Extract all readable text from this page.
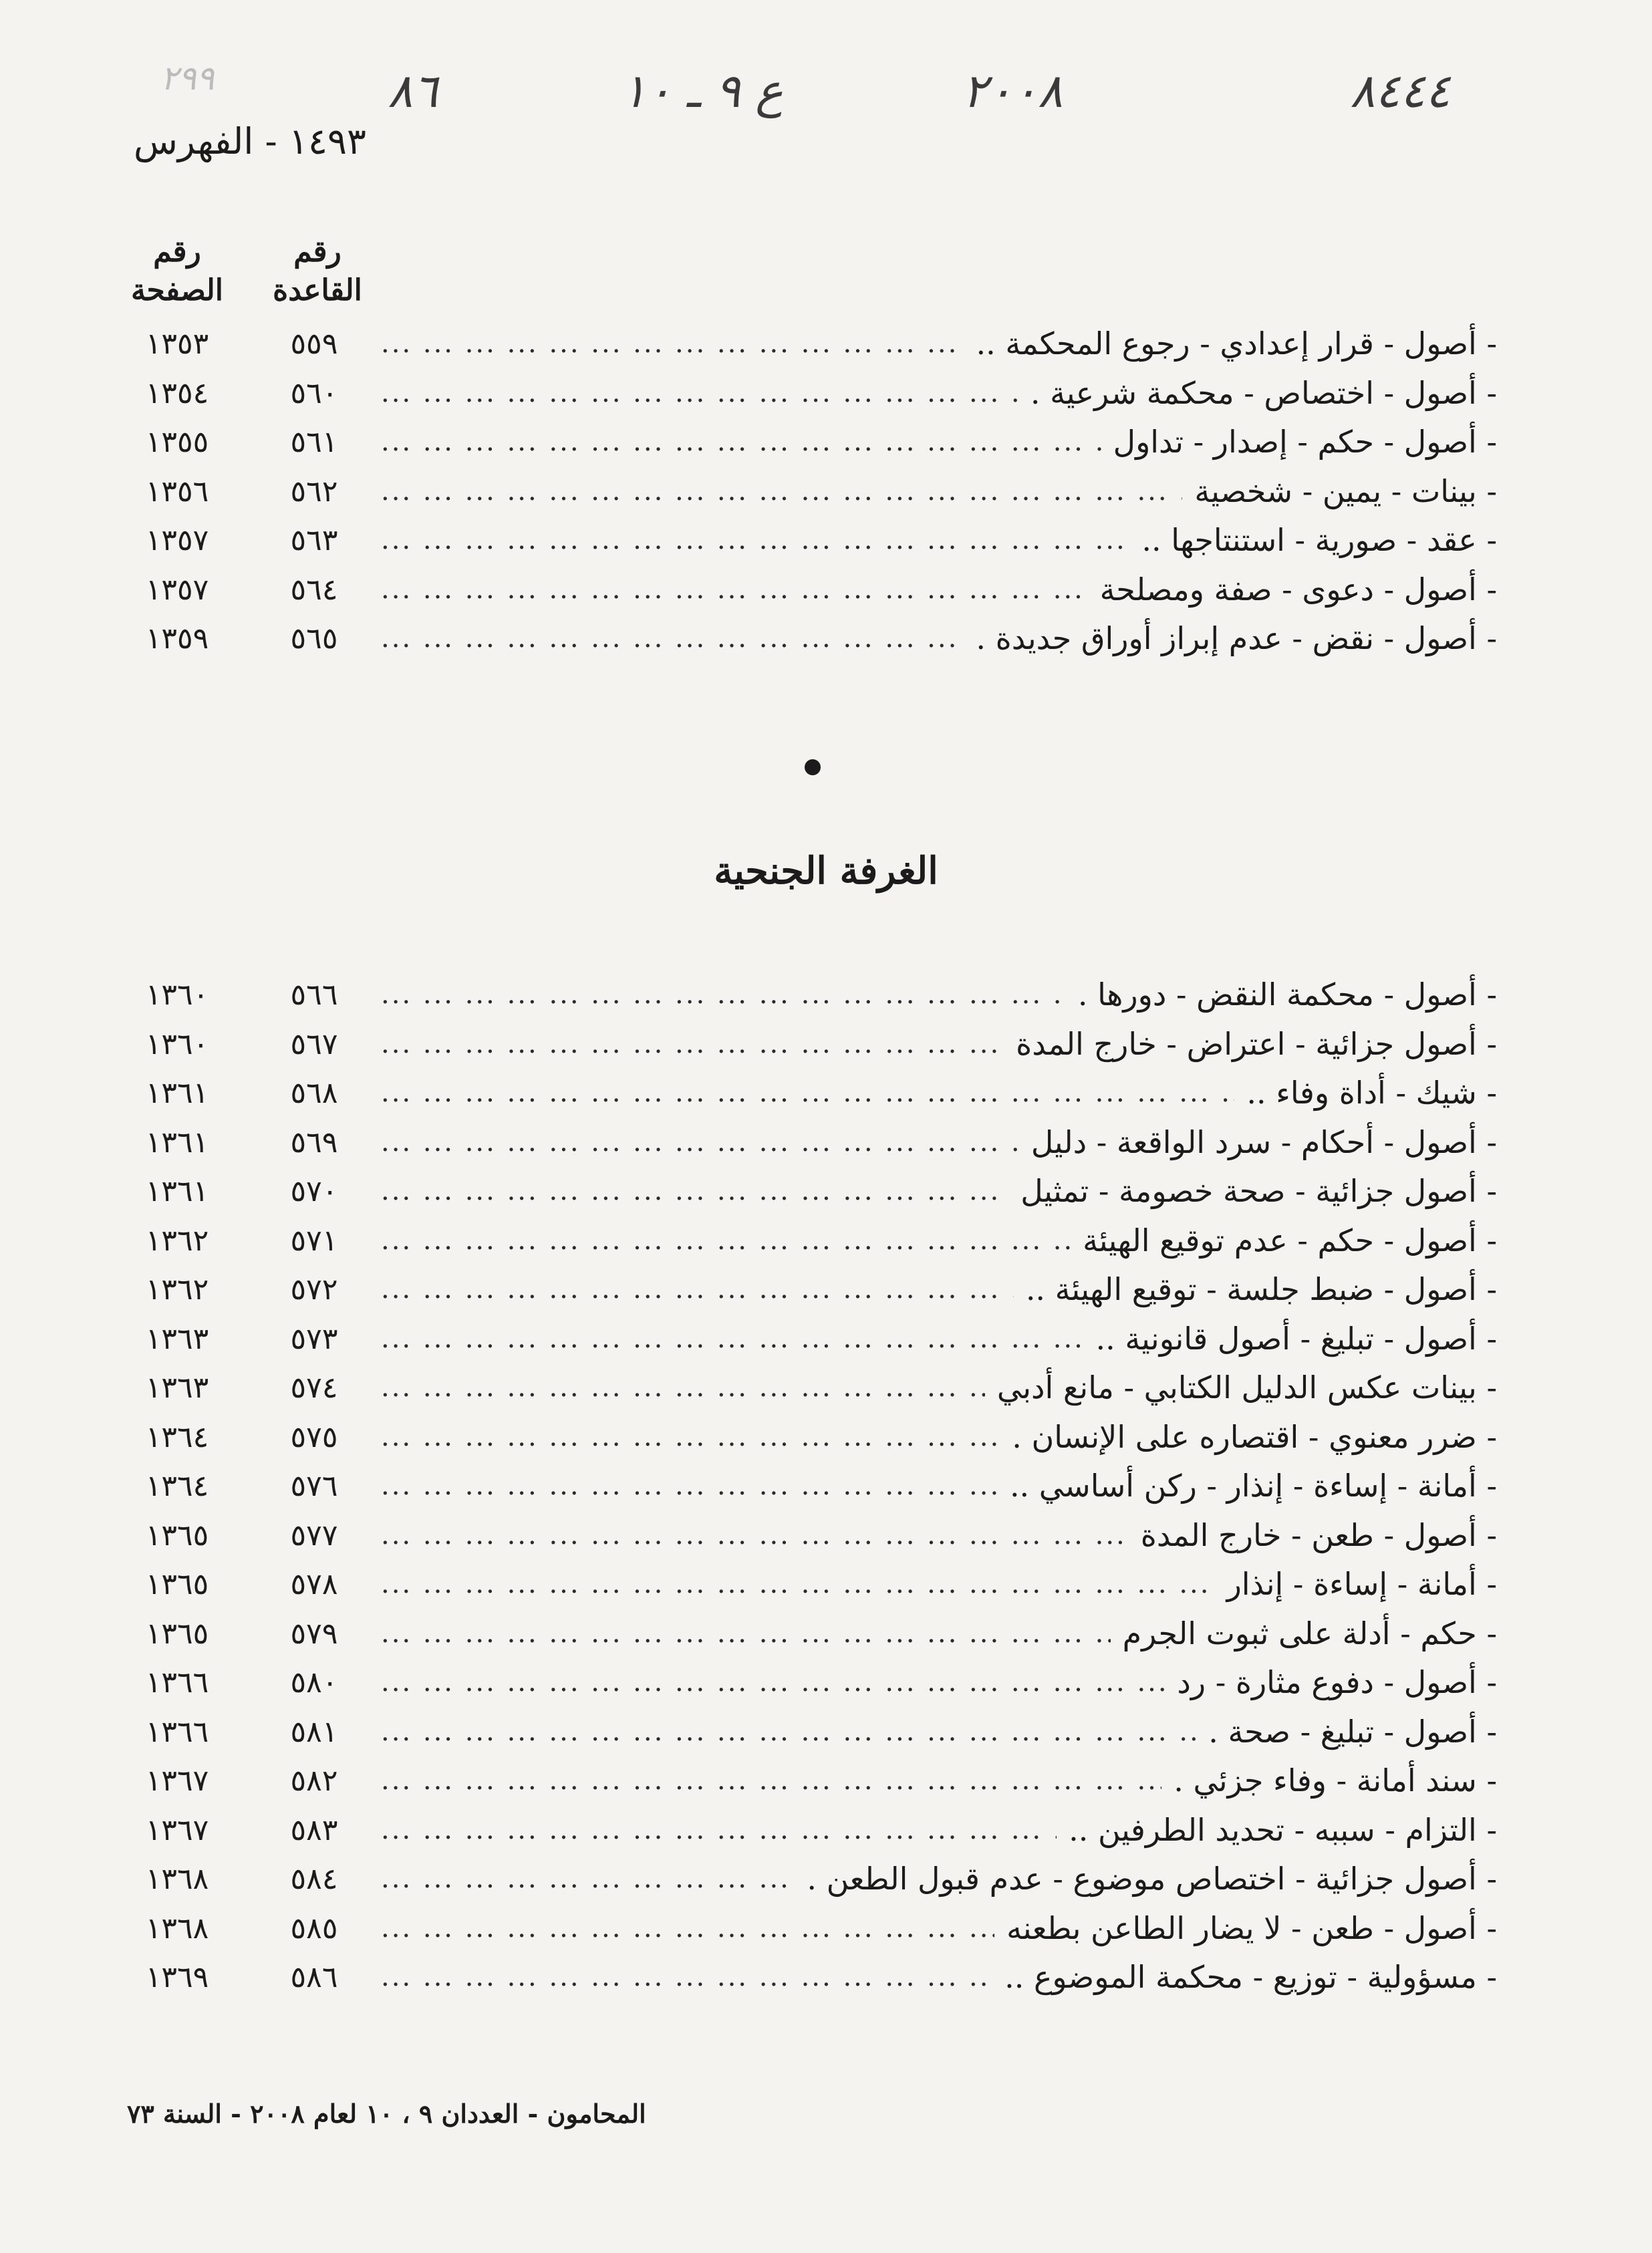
٨٤٤٤
٢٠٠٨
ع ٩ ـ ١٠
٨٦
٢٩٩
١٤٩٣ - الفهرس
رقم
القاعدة
رقم
الصفحة
- أصول - قرار إعدادي - رجوع المحكمة ..
... .
٥٥٩
١٣٥٣
- أصول - اختصاص - محكمة شرعية .
... .
٥٦٠
١٣٥٤
- أصول - حكم - إصدار - تداول
... .
٥٦١
١٣٥٥
- بينات - يمين - شخصية
... .
٥٦٢
١٣٥٦
- عقد - صورية - استنتاجها ..
... .
٥٦٣
١٣٥٧
- أصول - دعوى - صفة ومصلحة
... .
٥٦٤
١٣٥٧
- أصول - نقض - عدم إبراز أوراق جديدة .
... .
٥٦٥
١٣٥٩
الغرفة الجنحية
- أصول - محكمة النقض - دورها .
... .
٥٦٦
١٣٦٠
- أصول جزائية - اعتراض - خارج المدة
... .
٥٦٧
١٣٦٠
- شيك - أداة وفاء ..
... .
٥٦٨
١٣٦١
- أصول - أحكام - سرد الواقعة - دليل
... .
٥٦٩
١٣٦١
- أصول جزائية - صحة خصومة - تمثيل
... .
٥٧٠
١٣٦١
- أصول - حكم - عدم توقيع الهيئة
... .
٥٧١
١٣٦٢
- أصول - ضبط جلسة - توقيع الهيئة ..
... .
٥٧٢
١٣٦٢
- أصول - تبليغ - أصول قانونية ..
... .
٥٧٣
١٣٦٣
- بينات عكس الدليل الكتابي - مانع أدبي
... .
٥٧٤
١٣٦٣
- ضرر معنوي - اقتصاره على الإنسان .
... .
٥٧٥
١٣٦٤
- أمانة - إساءة - إنذار - ركن أساسي ..
... .
٥٧٦
١٣٦٤
- أصول - طعن - خارج المدة
... .
٥٧٧
١٣٦٥
- أمانة - إساءة - إنذار
... .
٥٧٨
١٣٦٥
- حكم - أدلة على ثبوت الجرم
... .
٥٧٩
١٣٦٥
- أصول - دفوع مثارة - رد
... .
٥٨٠
١٣٦٦
- أصول - تبليغ - صحة .
... .
٥٨١
١٣٦٦
- سند أمانة - وفاء جزئي .
... .
٥٨٢
١٣٦٧
- التزام - سببه - تحديد الطرفين ..
... .
٥٨٣
١٣٦٧
- أصول جزائية - اختصاص موضوع - عدم قبول الطعن .
... .
٥٨٤
١٣٦٨
- أصول - طعن - لا يضار الطاعن بطعنه
... .
٥٨٥
١٣٦٨
- مسؤولية - توزيع - محكمة الموضوع ..
... .
٥٨٦
١٣٦٩
المحامون - العددان ٩ ، ١٠ لعام ٢٠٠٨ - السنة ٧٣
